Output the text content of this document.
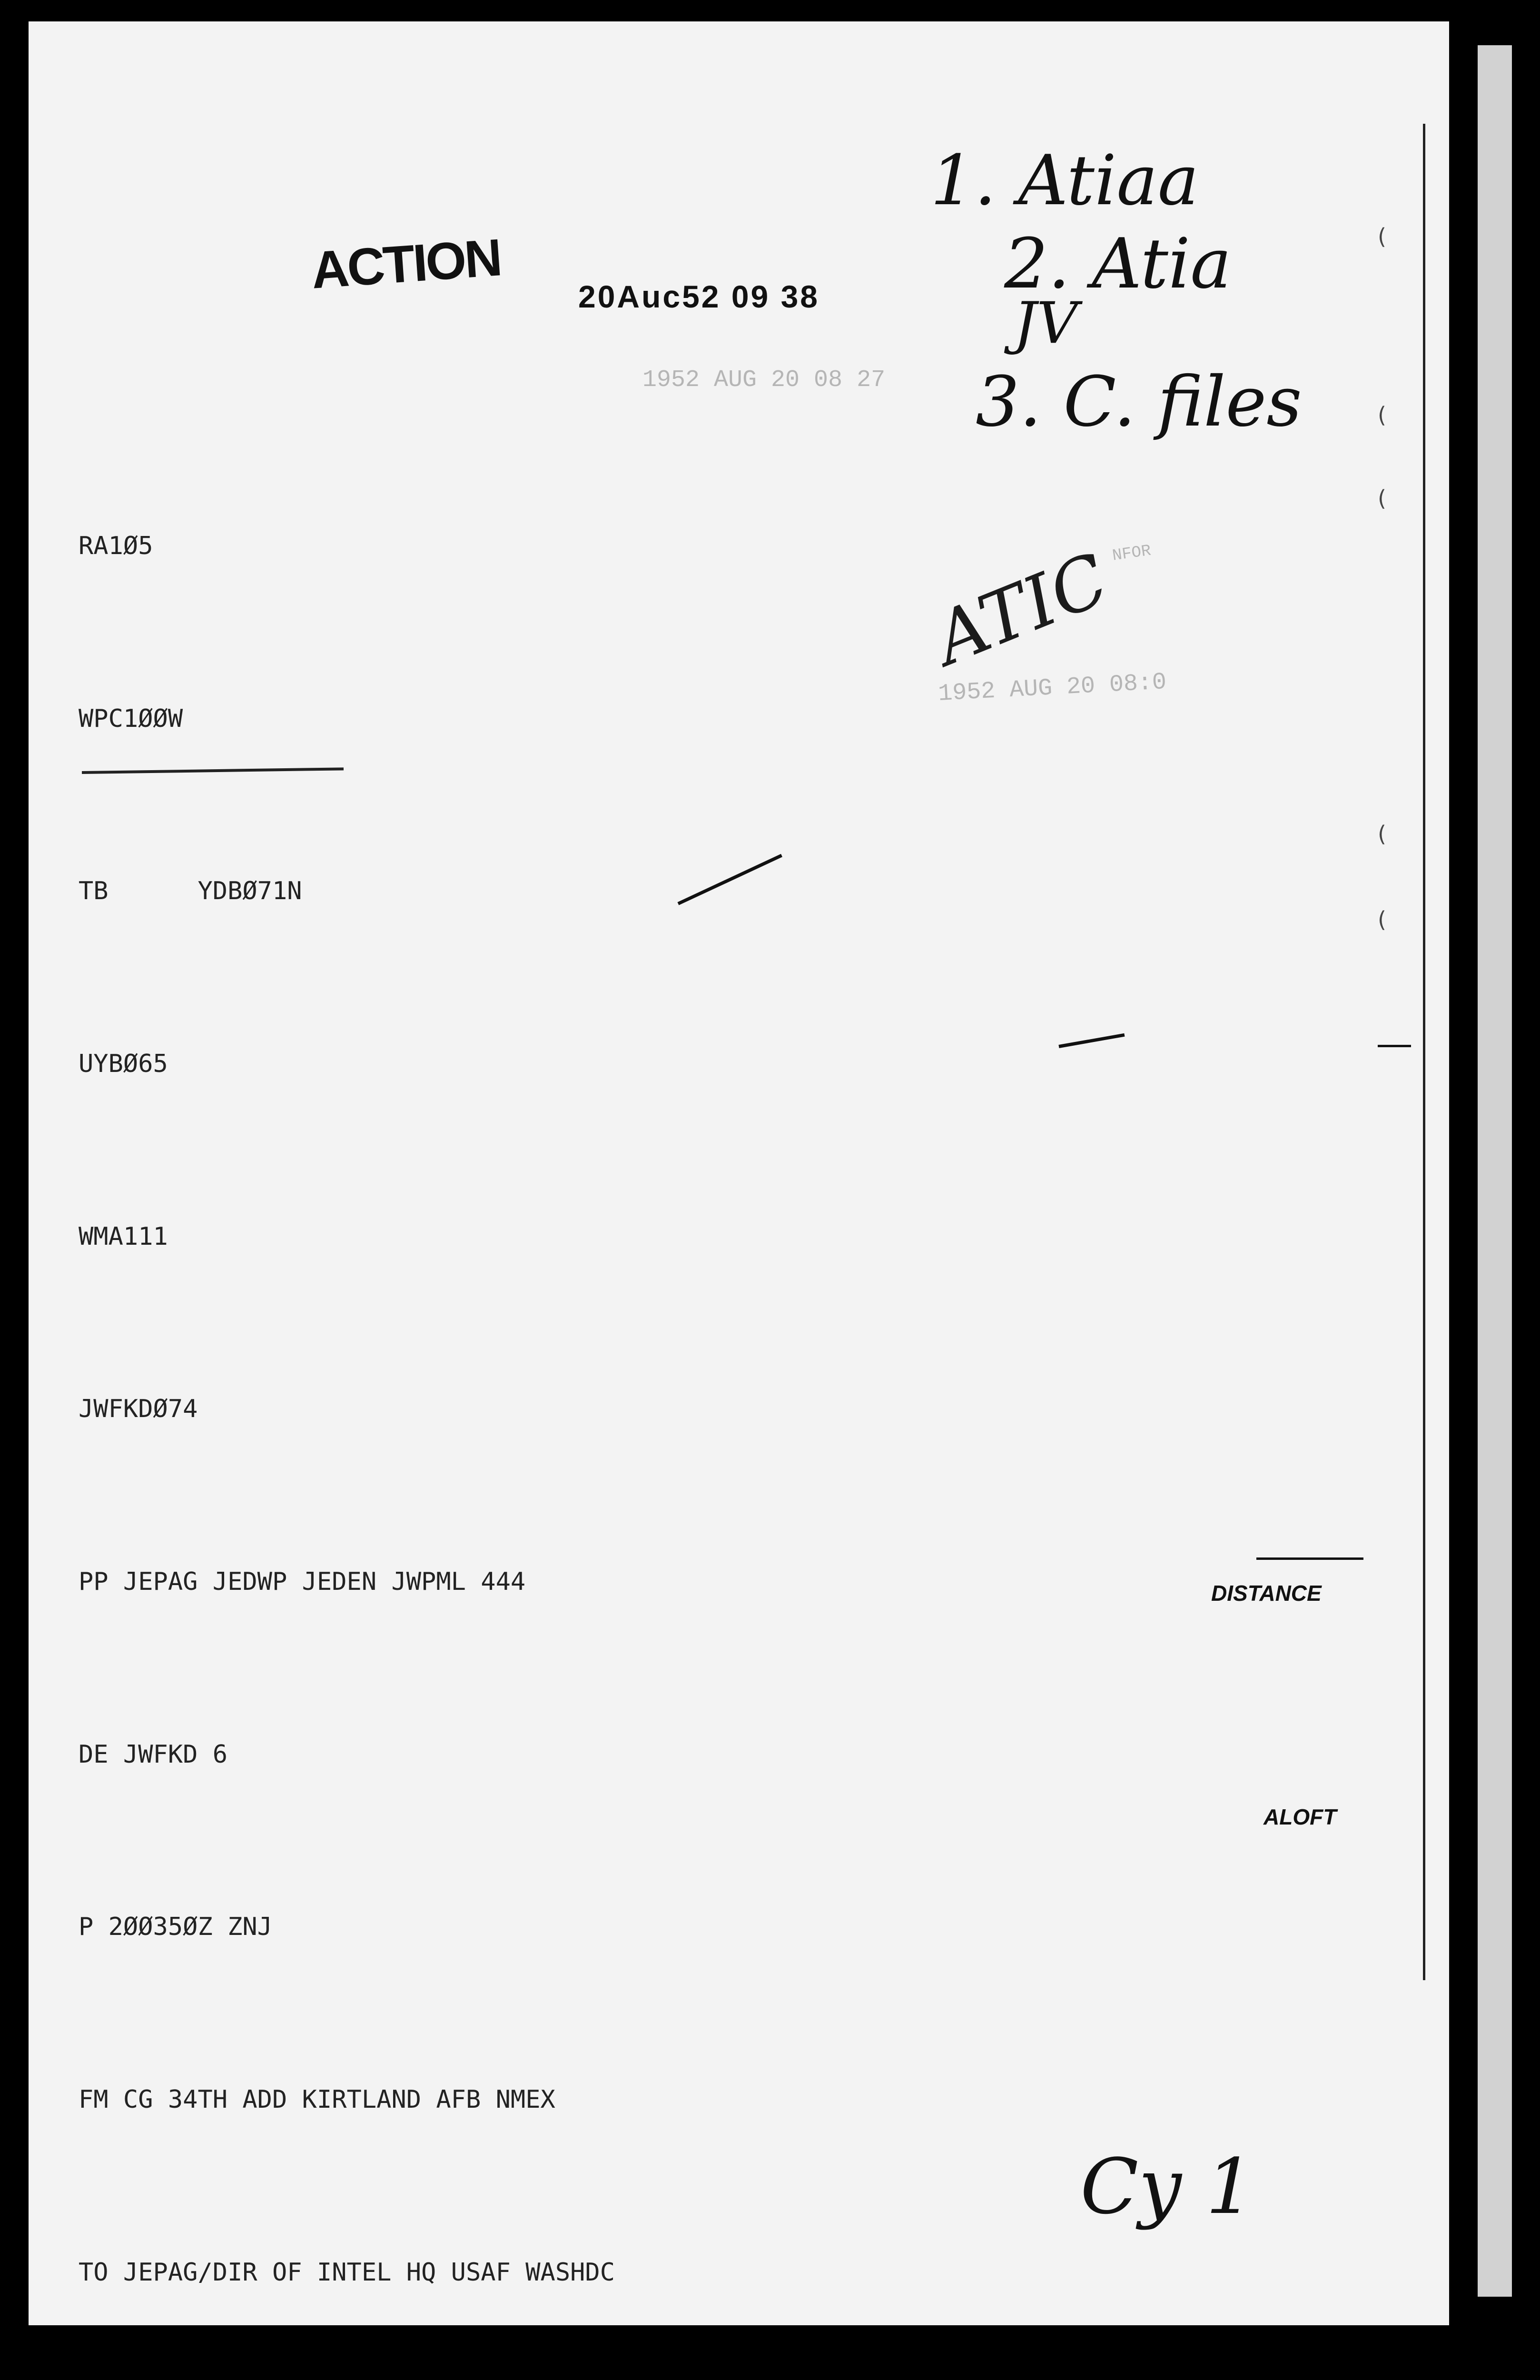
ACTION 20Auc52 09 38
1952 AUG 20 08 27
ATIC
1952 AUG 20 08:0
NFOR
1. Atiaa
2. Atia
JV
3. C. files
Cy 1

RA1Ø5

WPC1ØØW

TB      YDBØ71N

UYBØ65

WMA111

JWFKDØ74

PP JEPAG JEDWP JEDEN JWPML 444

DE JWFKD 6

P 2ØØ35ØZ ZNJ

FM CG 34TH ADD KIRTLAND AFB NMEX

TO JEPAG/DIR OF INTEL HQ USAF WASHDC

DISTANCE
ALOFT
(
(
(
(
(
